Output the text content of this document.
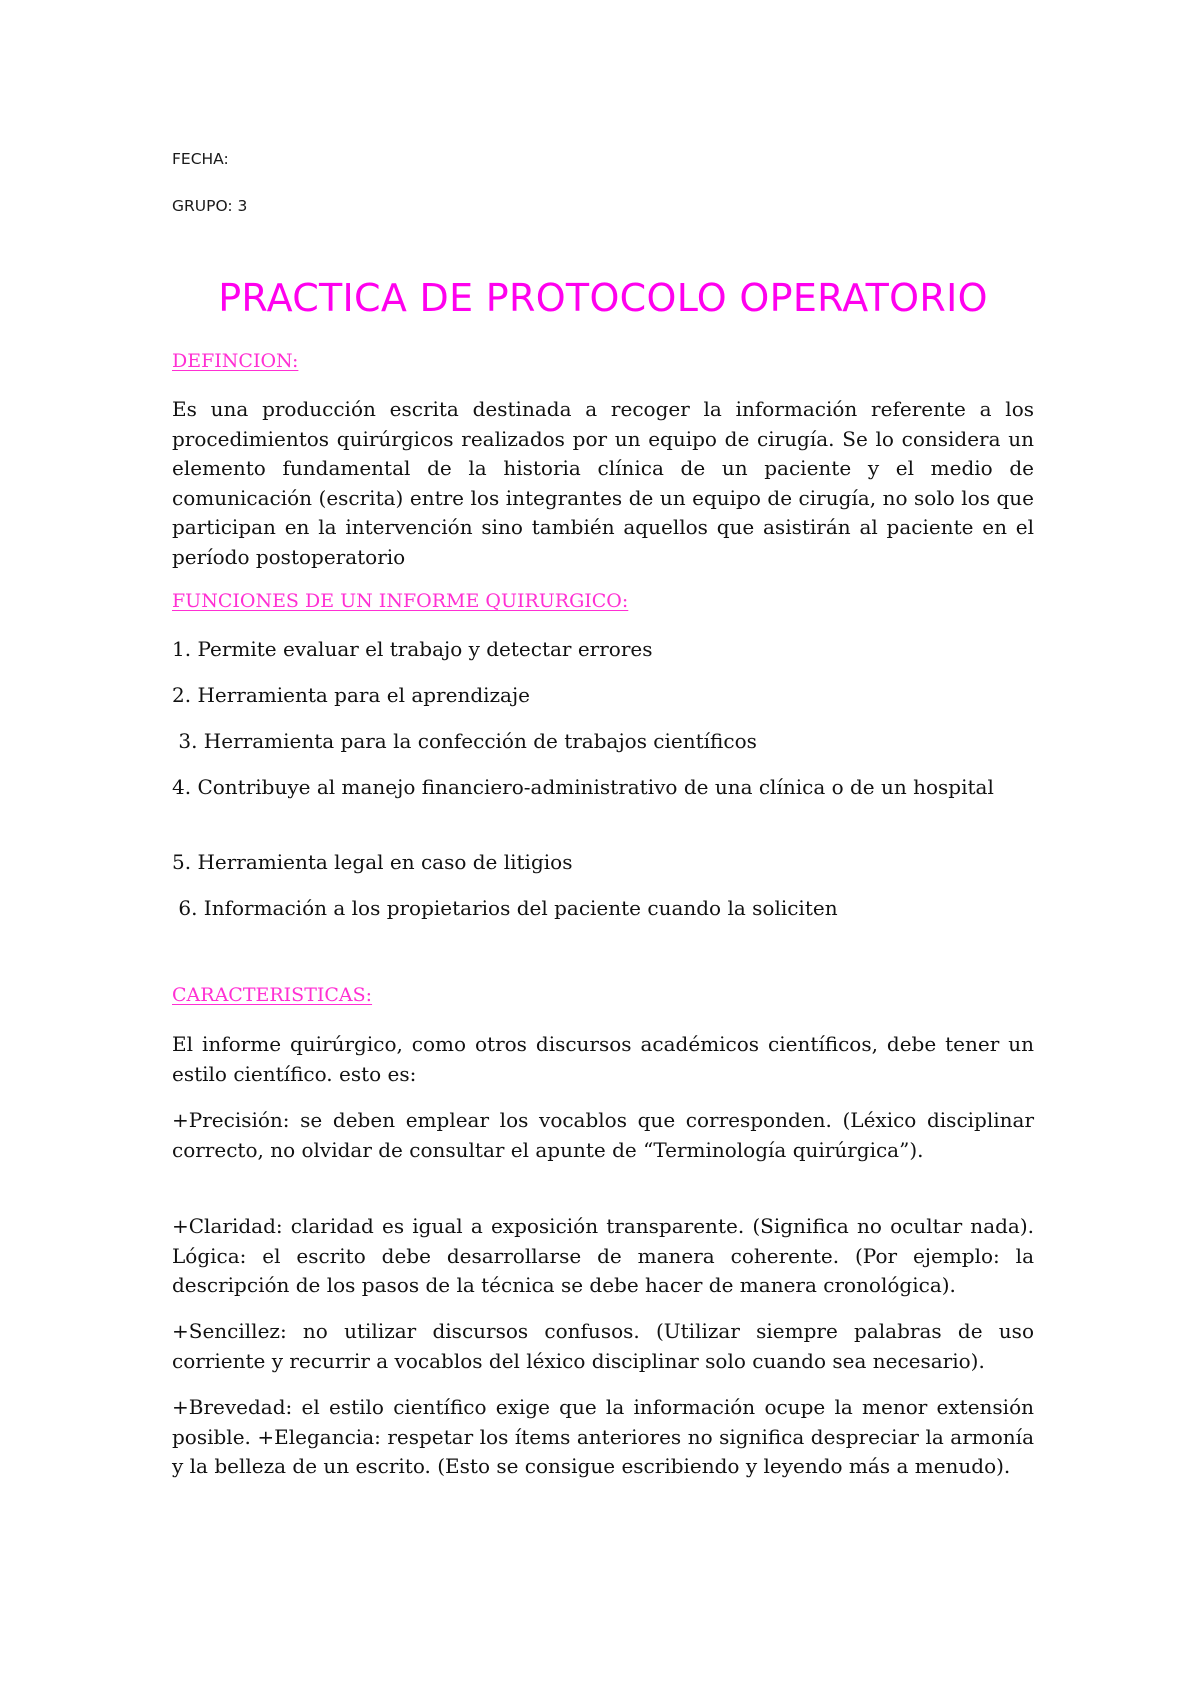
FECHA:
GRUPO: 3
PRACTICA DE PROTOCOLO OPERATORIO
DEFINCION:
Es una producción escrita destinada a recoger la información referente a los procedimientos quirúrgicos realizados por un equipo de cirugía. Se lo considera un elemento fundamental de la historia clínica de un paciente y el medio de comunicación (escrita) entre los integrantes de un equipo de cirugía, no solo los que participan en la intervención sino también aquellos que asistirán al paciente en el período postoperatorio
FUNCIONES DE UN INFORME QUIRURGICO:
1. Permite evaluar el trabajo y detectar errores
2. Herramienta para el aprendizaje
3. Herramienta para la confección de trabajos científicos
4. Contribuye al manejo financiero-administrativo de una clínica o de un hospital
5. Herramienta legal en caso de litigios
6. Información a los propietarios del paciente cuando la soliciten
CARACTERISTICAS:
El informe quirúrgico, como otros discursos académicos científicos, debe tener un estilo científico. esto es:
+Precisión: se deben emplear los vocablos que corresponden. (Léxico disciplinar correcto, no olvidar de consultar el apunte de “Terminología quirúrgica”).
+Claridad: claridad es igual a exposición transparente. (Significa no ocultar nada). Lógica: el escrito debe desarrollarse de manera coherente. (Por ejemplo: la descripción de los pasos de la técnica se debe hacer de manera cronológica).
+Sencillez: no utilizar discursos confusos. (Utilizar siempre palabras de uso corriente y recurrir a vocablos del léxico disciplinar solo cuando sea necesario).
+Brevedad: el estilo científico exige que la información ocupe la menor extensión posible. +Elegancia: respetar los ítems anteriores no significa despreciar la armonía y la belleza de un escrito. (Esto se consigue escribiendo y leyendo más a menudo).
